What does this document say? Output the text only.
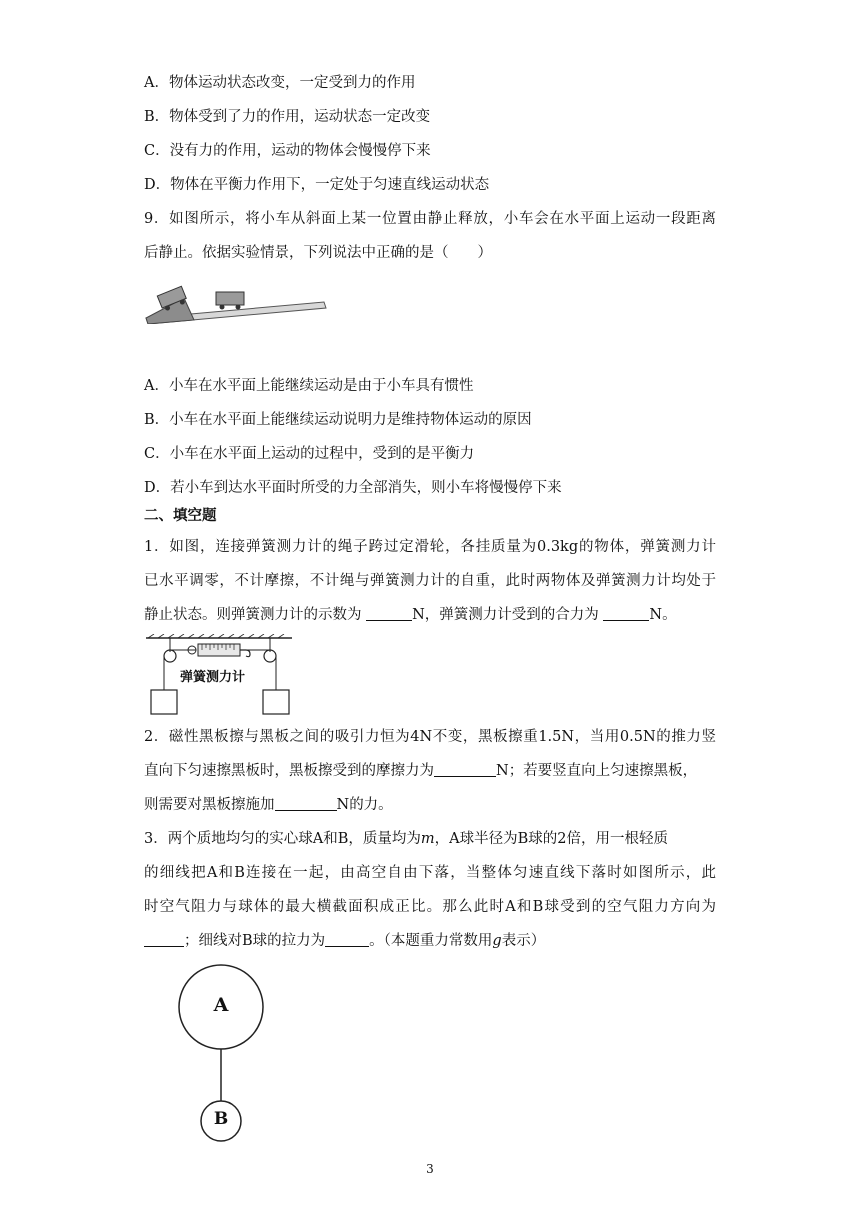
A．物体运动状态改变，一定受到力的作用
B．物体受到了力的作用，运动状态一定改变
C．没有力的作用，运动的物体会慢慢停下来
D．物体在平衡力作用下，一定处于匀速直线运动状态
9．如图所示，将小车从斜面上某一位置由静止释放，小车会在水平面上运动一段距离
后静止。依据实验情景，下列说法中正确的是（　　）
A．小车在水平面上能继续运动是由于小车具有惯性
B．小车在水平面上能继续运动说明力是维持物体运动的原因
C．小车在水平面上运动的过程中，受到的是平衡力
D．若小车到达水平面时所受的力全部消失，则小车将慢慢停下来
二、填空题
1．如图，连接弹簧测力计的绳子跨过定滑轮，各挂质量为0.3kg的物体，弹簧测力计
已水平调零，不计摩擦，不计绳与弹簧测力计的自重，此时两物体及弹簧测力计均处于
静止状态。则弹簧测力计的示数为	N，弹簧测力计受到的合力为	N。
弹簧测力计
2．磁性黑板擦与黑板之间的吸引力恒为4N不变，黑板擦重1.5N，当用0.5N的推力竖
直向下匀速擦黑板时，黑板擦受到的摩擦力为	N；若要竖直向上匀速擦黑板，
则需要对黑板擦施加	N的力。
3．两个质地均匀的实心球A和B，质量均为m，A球半径为B球的2倍，用一根轻质
的细线把A和B连接在一起，由高空自由下落，当整体匀速直线下落时如图所示，此
时空气阻力与球体的最大横截面积成正比。那么此时A和B球受到的空气阻力方向为
；细线对B球的拉力为	。（本题重力常数用g表示）
A
B
3
